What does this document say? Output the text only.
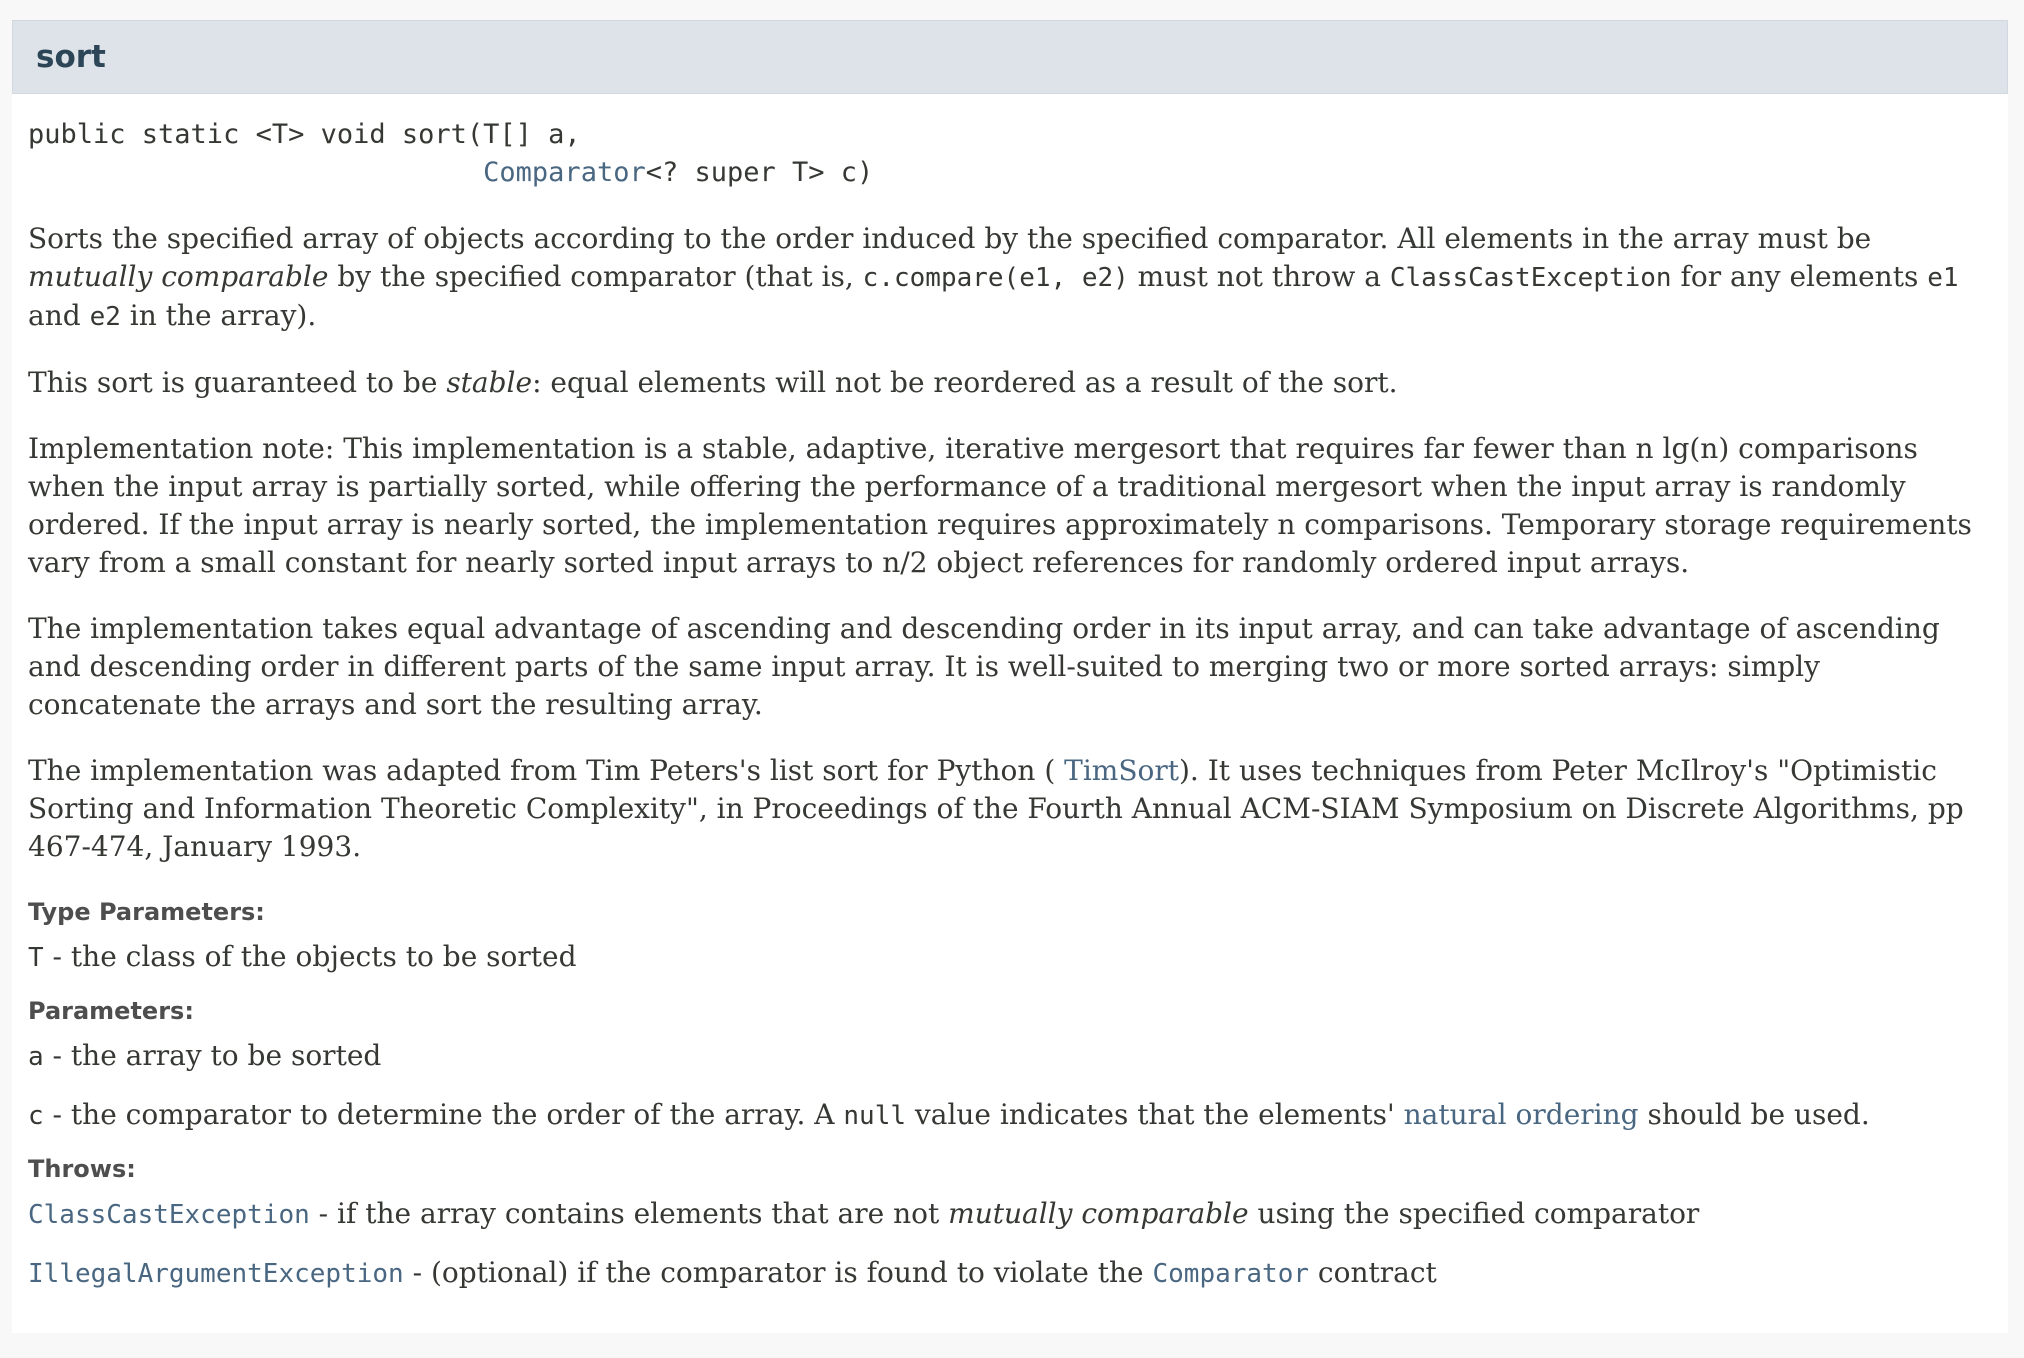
sort
public static <T> void sort(T[] a,
Comparator<? super T> c)

Sorts the specified array of objects according to the order induced by the specified comparator. All elements in the array must be mutually comparable by the specified comparator (that is, c.compare(e1, e2) must not throw a ClassCastException for any elements e1 and e2 in the array).

This sort is guaranteed to be stable: equal elements will not be reordered as a result of the sort.

Implementation note: This implementation is a stable, adaptive, iterative mergesort that requires far fewer than n lg(n) comparisons when the input array is partially sorted, while offering the performance of a traditional mergesort when the input array is randomly ordered. If the input array is nearly sorted, the implementation requires approximately n comparisons. Temporary storage requirements vary from a small constant for nearly sorted input arrays to n/2 object references for randomly ordered input arrays.

The implementation takes equal advantage of ascending and descending order in its input array, and can take advantage of ascending and descending order in different parts of the same input array. It is well-suited to merging two or more sorted arrays: simply concatenate the arrays and sort the resulting array.

The implementation was adapted from Tim Peters's list sort for Python ( TimSort). It uses techniques from Peter McIlroy's "Optimistic Sorting and Information Theoretic Complexity", in Proceedings of the Fourth Annual ACM-SIAM Symposium on Discrete Algorithms, pp 467-474, January 1993.

Type Parameters:
T - the class of the objects to be sorted
Parameters:
a - the array to be sorted
c - the comparator to determine the order of the array. A null value indicates that the elements' natural ordering should be used.
Throws:
ClassCastException - if the array contains elements that are not mutually comparable using the specified comparator
IllegalArgumentException - (optional) if the comparator is found to violate the Comparator contract
